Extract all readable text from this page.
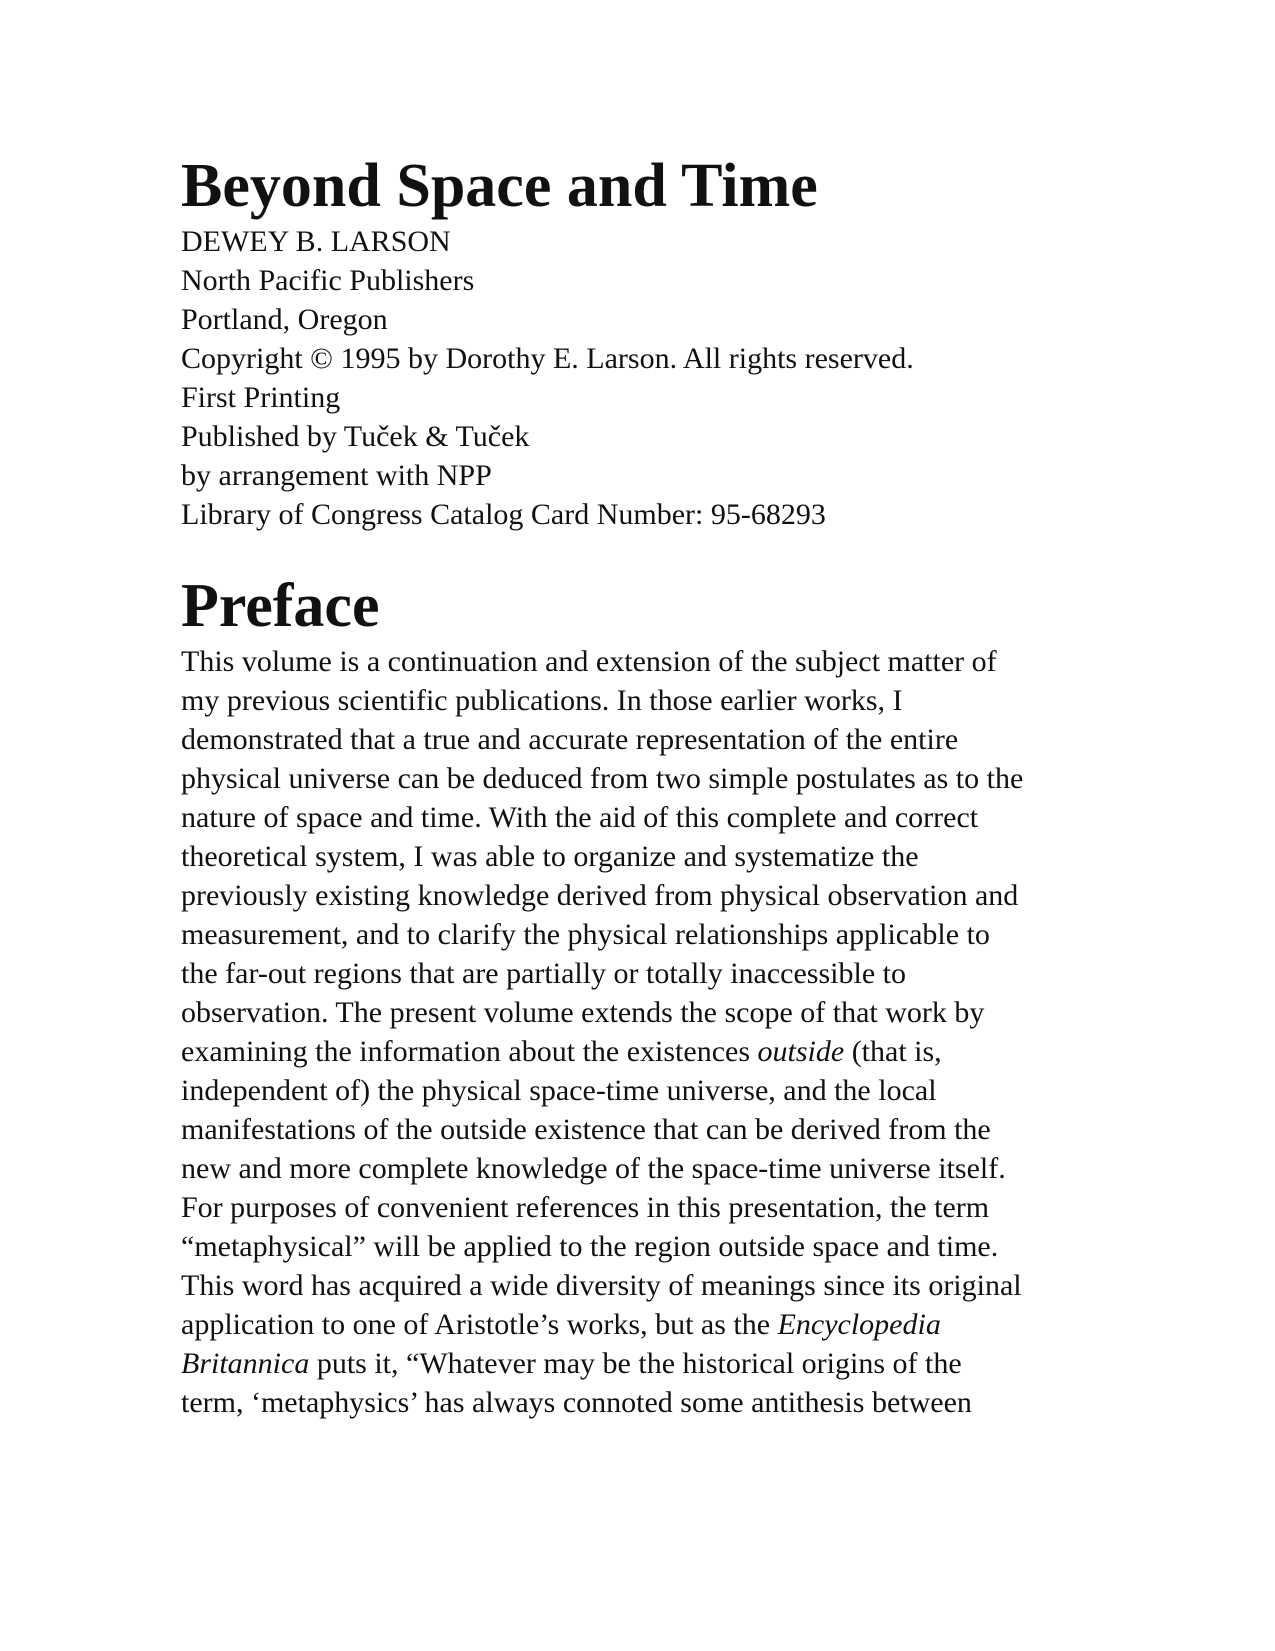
Beyond Space and Time

DEWEY B. LARSON

North Pacific Publishers

Portland, Oregon

Copyright © 1995 by Dorothy E. Larson. All rights reserved.

First Printing

Published by Tuček & Tuček

by arrangement with NPP

Library of Congress Catalog Card Number: 95-68293

Preface

This volume is a continuation and extension of the subject matter of

my previous scientific publications. In those earlier works, I

demonstrated that a true and accurate representation of the entire

physical universe can be deduced from two simple postulates as to the

nature of space and time. With the aid of this complete and correct

theoretical system, I was able to organize and systematize the

previously existing knowledge derived from physical observation and

measurement, and to clarify the physical relationships applicable to

the far-out regions that are partially or totally inaccessible to

observation. The present volume extends the scope of that work by

examining the information about the existences outside (that is,

independent of) the physical space-time universe, and the local

manifestations of the outside existence that can be derived from the

new and more complete knowledge of the space-time universe itself.

For purposes of convenient references in this presentation, the term

“metaphysical” will be applied to the region outside space and time.

This word has acquired a wide diversity of meanings since its original

application to one of Aristotle’s works, but as the Encyclopedia

Britannica puts it, “Whatever may be the historical origins of the

term, ‘metaphysics’ has always connoted some antithesis between
